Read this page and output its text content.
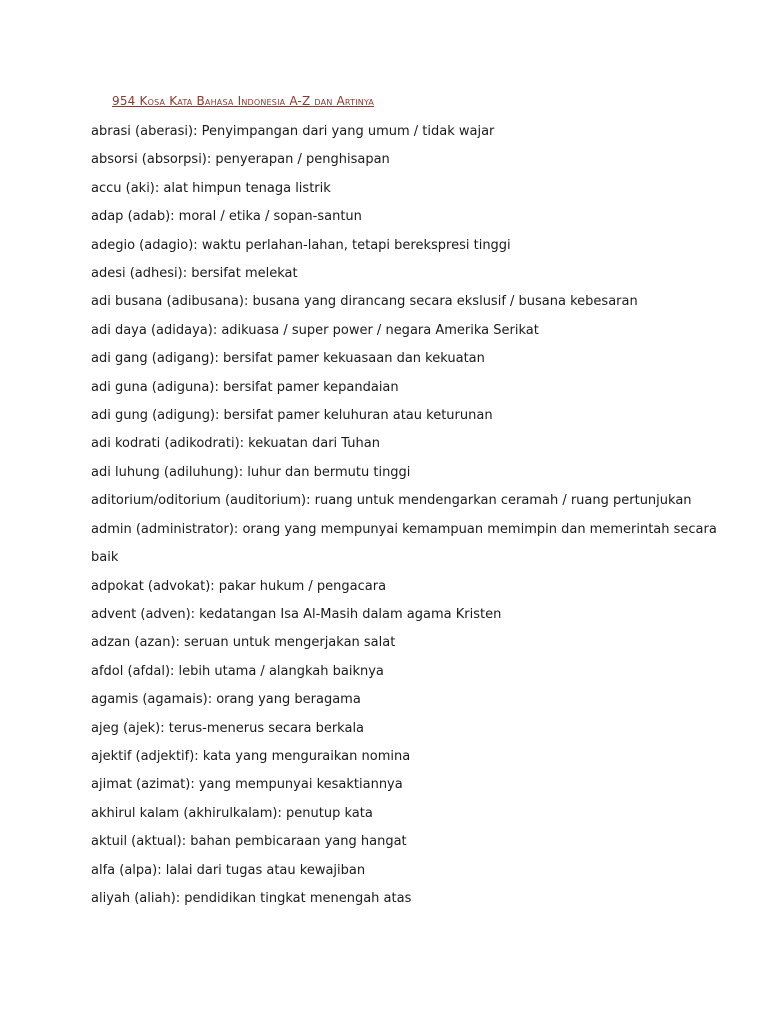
954 Kosa Kata Bahasa Indonesia A-Z dan Artinya
abrasi (aberasi): Penyimpangan dari yang umum / tidak wajar
absorsi (absorpsi): penyerapan / penghisapan
accu (aki): alat himpun tenaga listrik
adap (adab): moral / etika / sopan-santun
adegio (adagio): waktu perlahan-lahan, tetapi berekspresi tinggi
adesi (adhesi): bersifat melekat
adi busana (adibusana): busana yang dirancang secara ekslusif / busana kebesaran
adi daya (adidaya): adikuasa / super power / negara Amerika Serikat
adi gang (adigang): bersifat pamer kekuasaan dan kekuatan
adi guna (adiguna): bersifat pamer kepandaian
adi gung (adigung): bersifat pamer keluhuran atau keturunan
adi kodrati (adikodrati): kekuatan dari Tuhan
adi luhung (adiluhung): luhur dan bermutu tinggi
aditorium/oditorium (auditorium): ruang untuk mendengarkan ceramah / ruang pertunjukan
admin (administrator): orang yang mempunyai kemampuan memimpin dan memerintah secara
baik
adpokat (advokat): pakar hukum / pengacara
advent (adven): kedatangan Isa Al-Masih dalam agama Kristen
adzan (azan): seruan untuk mengerjakan salat
afdol (afdal): lebih utama / alangkah baiknya
agamis (agamais): orang yang beragama
ajeg (ajek): terus-menerus secara berkala
ajektif (adjektif): kata yang menguraikan nomina
ajimat (azimat): yang mempunyai kesaktiannya
akhirul kalam (akhirulkalam): penutup kata
aktuil (aktual): bahan pembicaraan yang hangat
alfa (alpa): lalai dari tugas atau kewajiban
aliyah (aliah): pendidikan tingkat menengah atas
